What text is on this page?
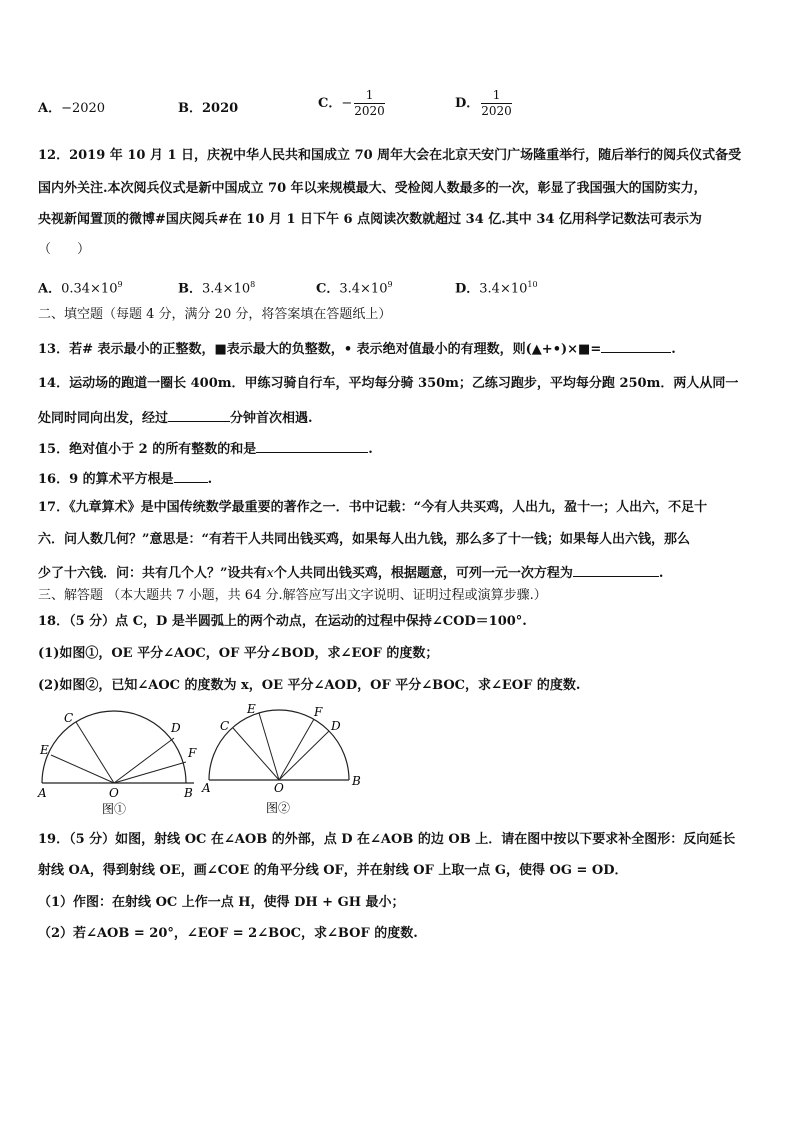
A．−2020	B．2020	C．− $\frac{1}{2020}$	D． $\frac{1}{2020}$
12．2019 年 10 月 1 日，庆祝中华人民共和国成立 70 周年大会在北京天安门广场隆重举行，随后举行的阅兵仪式备受
国内外关注.本次阅兵仪式是新中国成立 70 年以来规模最大、受检阅人数最多的一次，彰显了我国强大的国防实力，
央视新闻置顶的微博#国庆阅兵#在 10 月 1 日下午 6 点阅读次数就超过 34 亿.其中 34 亿用科学记数法可表示为
（　　）
A．$0.34\times 10^9$	B．$3.4\times 10^8$	C．$3.4\times 10^9$	D．$3.4\times 10^{10}$
二、填空题（每题 4 分，满分 20 分，将答案填在答题纸上）
13．若# 表示最小的正整数，■表示最大的负整数，• 表示绝对值最小的有理数，则(▲+•)×■=	.
14．运动场的跑道一圈长 400m．甲练习骑自行车，平均每分骑 350m；乙练习跑步，平均每分跑 250m．两人从同一
处同时同向出发，经过	分钟首次相遇.
15．绝对值小于 2 的所有整数的和是	.
16．9 的算术平方根是	.
17．《九章算术》是中国传统数学最重要的著作之一．书中记载：“今有人共买鸡，人出九，盈十一；人出六，不足十
六．问人数几何？”意思是：“有若干人共同出钱买鸡，如果每人出九钱，那么多了十一钱；如果每人出六钱，那么
少了十六钱．问：共有几个人？”设共有x个人共同出钱买鸡，根据题意，可列一元一次方程为	.
三、解答题 （本大题共 7 小题，共 64 分.解答应写出文字说明、证明过程或演算步骤.）
18．（5 分）点 C，D 是半圆弧上的两个动点，在运动的过程中保持∠COD＝100°.
(1)如图①，OE 平分∠AOC，OF 平分∠BOD，求∠EOF 的度数；
(2)如图②，已知∠AOC 的度数为 x，OE 平分∠AOD，OF 平分∠BOC，求∠EOF 的度数.
C
D
E	F
A	O	B
图①
C
E	F
D
A	O	B
图②
19．（5 分）如图，射线 OC 在∠AOB 的外部，点 D 在∠AOB 的边 OB 上．请在图中按以下要求补全图形：反向延长
射线 OA，得到射线 OE，画∠COE 的角平分线 OF，并在射线 OF 上取一点 G，使得 OG = OD．
（1）作图：在射线 OC 上作一点 H，使得 DH + GH 最小；
（2）若∠AOB = 20°，∠EOF = 2∠BOC，求∠BOF 的度数.
